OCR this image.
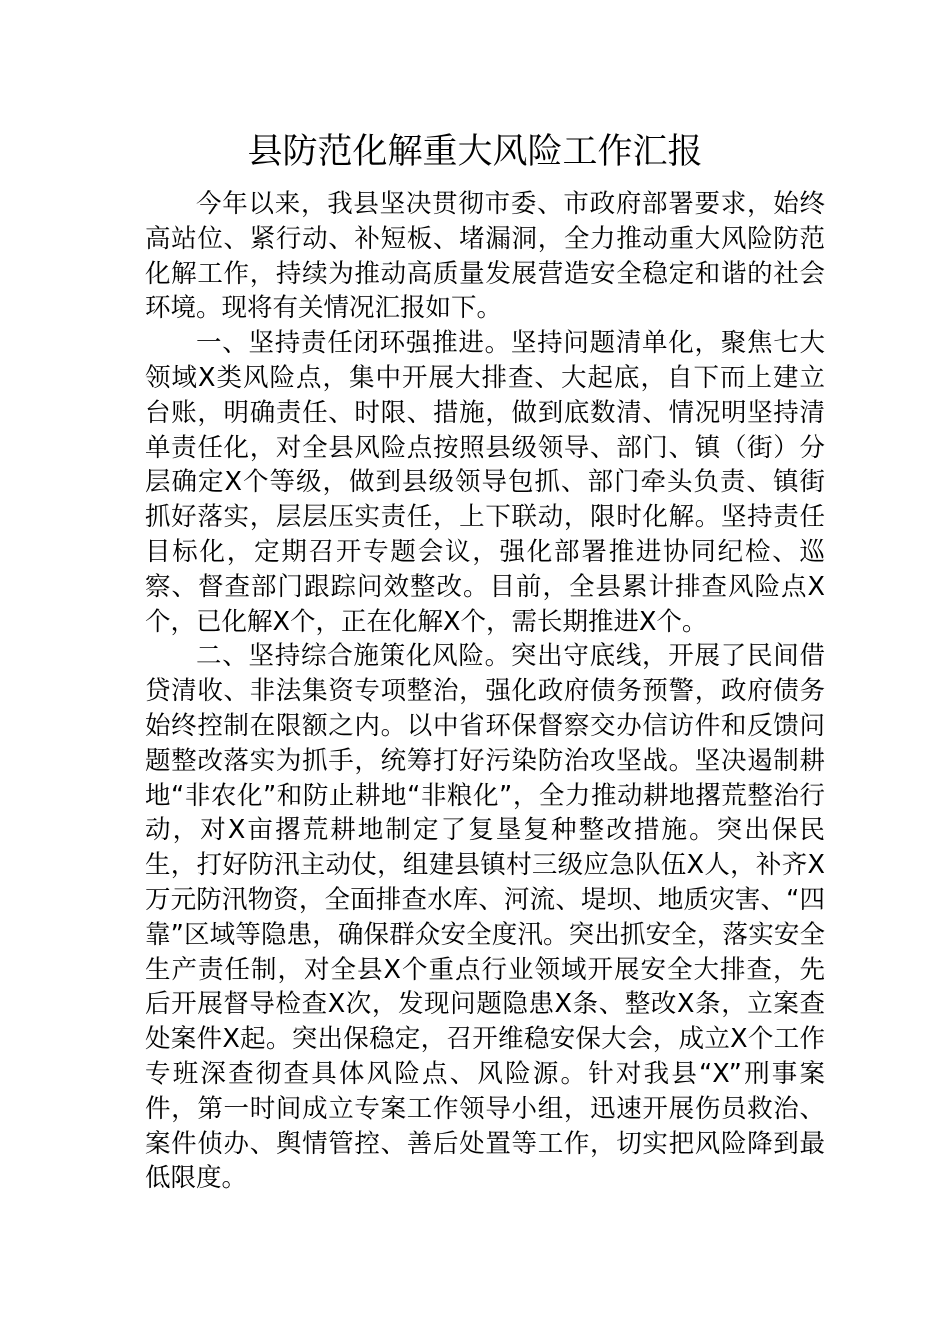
县防范化解重大风险工作汇报

今年以来，我县坚决贯彻市委、市政府部署要求，始终高站位、紧行动、补短板、堵漏洞，全力推动重大风险防范化解工作，持续为推动高质量发展营造安全稳定和谐的社会环境。现将有关情况汇报如下。

一、坚持责任闭环强推进。坚持问题清单化，聚焦七大领域X类风险点，集中开展大排查、大起底，自下而上建立台账，明确责任、时限、措施，做到底数清、情况明坚持清单责任化，对全县风险点按照县级领导、部门、镇（街）分层确定X个等级，做到县级领导包抓、部门牵头负责、镇街抓好落实，层层压实责任，上下联动，限时化解。坚持责任目标化，定期召开专题会议，强化部署推进协同纪检、巡察、督查部门跟踪问效整改。目前，全县累计排查风险点X个，已化解X个，正在化解X个，需长期推进X个。

二、坚持综合施策化风险。突出守底线，开展了民间借贷清收、非法集资专项整治，强化政府债务预警，政府债务始终控制在限额之内。以中省环保督察交办信访件和反馈问题整改落实为抓手，统筹打好污染防治攻坚战。坚决遏制耕地“非农化”和防止耕地“非粮化”，全力推动耕地撂荒整治行动，对X亩撂荒耕地制定了复垦复种整改措施。突出保民生，打好防汛主动仗，组建县镇村三级应急队伍X人，补齐X万元防汛物资，全面排查水库、河流、堤坝、地质灾害、“四靠”区域等隐患，确保群众安全度汛。突出抓安全，落实安全生产责任制，对全县X个重点行业领域开展安全大排查，先后开展督导检查X次，发现问题隐患X条、整改X条，立案查处案件X起。突出保稳定，召开维稳安保大会，成立X个工作专班深查彻查具体风险点、风险源。针对我县“X”刑事案件，第一时间成立专案工作领导小组，迅速开展伤员救治、案件侦办、舆情管控、善后处置等工作，切实把风险降到最低限度。
